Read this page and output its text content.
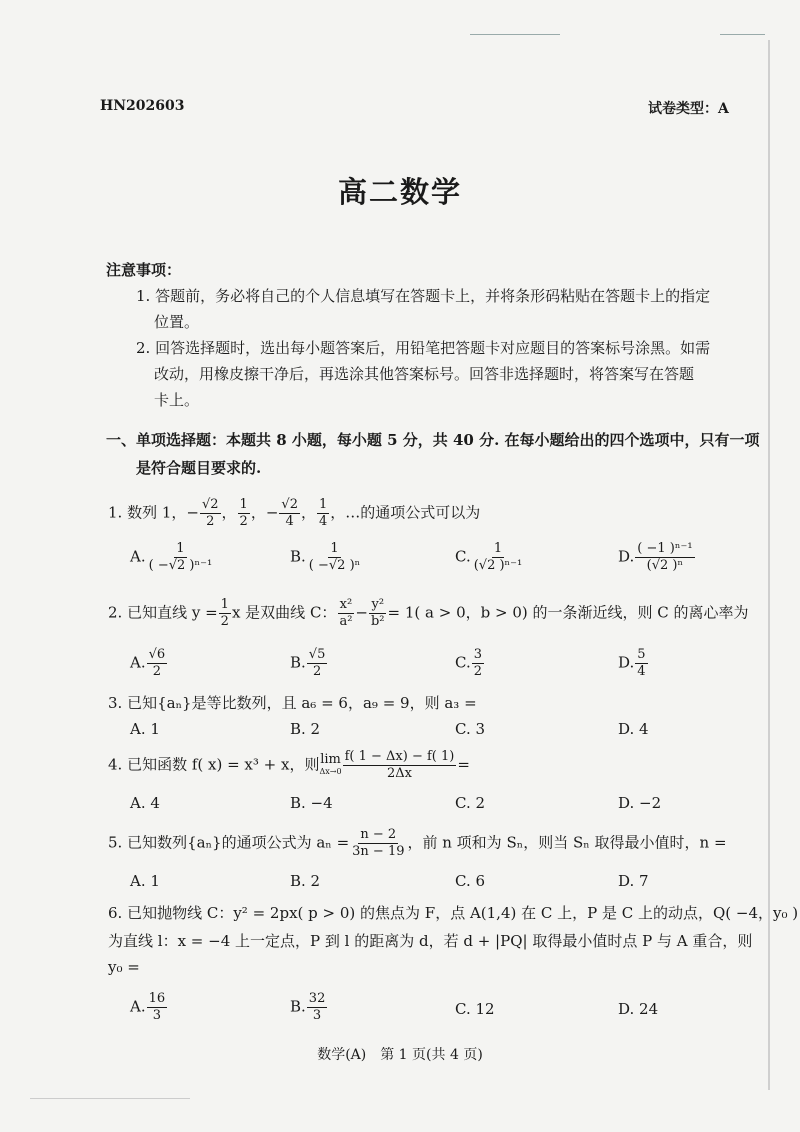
HN202603	试卷类型：A
高二数学
注意事项：
1. 答题前，务必将自己的个人信息填写在答题卡上，并将条形码粘贴在答题卡上的指定
位置。
2. 回答选择题时，选出每小题答案后，用铅笔把答题卡对应题目的答案标号涂黑。如需
改动，用橡皮擦干净后，再选涂其他答案标号。回答非选择题时，将答案写在答题
卡上。
一、单项选择题：本题共 8 小题，每小题 5 分，共 40 分. 在每小题给出的四个选项中，只有一项
是符合题目要求的.
1. 数列 1，− $\frac{√2}{2}$ ， $\frac{1}{2}$ ，− $\frac{√2}{4}$ ， $\frac{1}{4}$ ，…的通项公式可以为
A. $\frac{1}{\text{( −√2 )ⁿ⁻¹}}$	B. $\frac{1}{\text{( −√2 )ⁿ}}$	C. $\frac{1}{\text{(√2 )ⁿ⁻¹}}$	D. $\frac{\text{( −1 )ⁿ⁻¹}}{\text{(√2 )ⁿ}}$
2. 已知直线 $y = \frac{1}{2}$ x 是双曲线 C： $\frac{\text{x²}}{\text{a²}} - \frac{\text{y²}}{\text{b²}} = 1$( a > 0，b > 0) 的一条渐近线，则 C 的离心率为
A. $\frac{√6}{2}$	B. $\frac{√5}{2}$	C. $\frac{3}{2}$	D. $\frac{5}{4}$
3. 已知{aₙ}是等比数列，且 a₆ = 6，a₉ = 9，则 a₃ =
A. 1	B. 2	C. 3	D. 4
4. 已知函数 f( x) = x³ + x，则 lim
$\Delta x\to 0 \frac{f( 1 - \Delta x) - f( 1)}{2\Delta x}$ =
A. 4	B. −4	C. 2	D. −2
5. 已知数列{aₙ}的通项公式为 $a_n = \frac{n - 2}{3n - 19}$ ，前 n 项和为 Sₙ，则当 Sₙ 取得最小值时，n =
A. 1	B. 2	C. 6	D. 7
6. 已知抛物线 C：y² = 2px( p > 0) 的焦点为 F，点 A(1,4) 在 C 上，P 是 C 上的动点，Q( −4，y₀ )
为直线 l：x = −4 上一定点，P 到 l 的距离为 d，若 d + |PQ| 取得最小值时点 P 与 A 重合，则
y₀ =
A. $\frac{16}{3}$	B. $\frac{32}{3}$	C. 12	D. 24
数学(A)　第 1 页(共 4 页)
